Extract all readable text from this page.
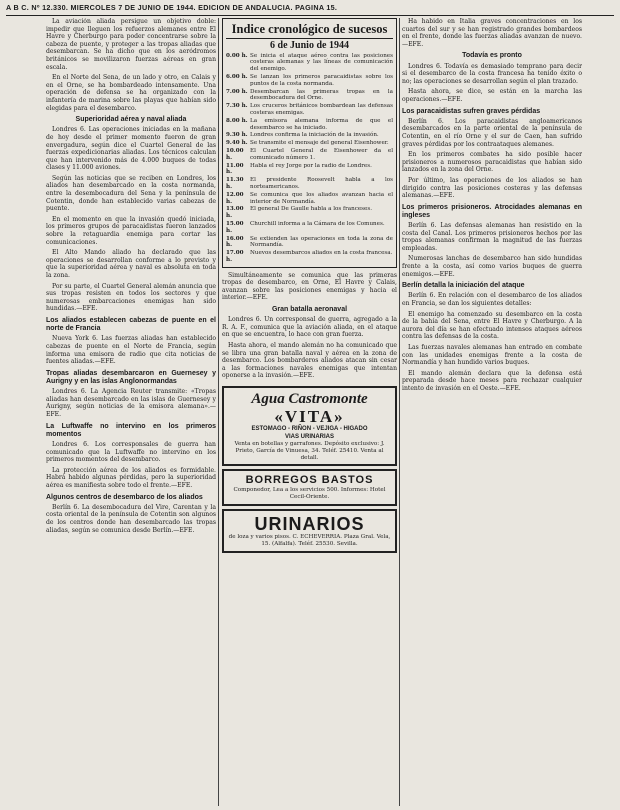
A B C. Nº 12.330. MIERCOLES 7 DE JUNIO DE 1944. EDICION DE ANDALUCIA. PAGINA 15.

La aviación aliada persigue un objetivo doble: impedir que lleguen los refuerzos alemanes entre El Havre y Cherburgo para poder concentrarse sobre la cabeza de puente, y proteger a las tropas aliadas que desembarcan. Se ha dicho que en los aeródromos británicos se movilizaron fuerzas aéreas en gran escala.

En el Norte del Sena, de un lado y otro, en Calais y en el Orne, se ha bombardeado intensamente. Una operación de defensa se ha organizado con la infantería de marina sobre las playas que habían sido elegidas para el desembarco.

Superioridad aérea y naval aliada

Londres 6. Las operaciones iniciadas en la mañana de hoy desde el primer momento fueron de gran envergadura, según dice el Cuartel General de las fuerzas expedicionarias aliadas. Los técnicos calculan que han intervenido más de 4.000 buques de todas clases y 11.000 aviones.

Según las noticias que se reciben en Londres, los aliados han desembarcado en la costa normanda, entre la desembocadura del Sena y la península de Cotentin, donde han establecido varias cabezas de puente.

En el momento en que la invasión quedó iniciada, los primeros grupos de paracaidistas fueron lanzados sobre la retaguardia enemiga para cortar las comunicaciones.

El Alto Mando aliado ha declarado que las operaciones se desarrollan conforme a lo previsto y que la superioridad aérea y naval es absoluta en toda la zona.

Por su parte, el Cuartel General alemán anuncia que sus tropas resisten en todos los sectores y que numerosas embarcaciones enemigas han sido hundidas.—EFE.

Los aliados establecen cabezas de puente en el norte de Francia

Nueva York 6. Las fuerzas aliadas han establecido cabezas de puente en el Norte de Francia, según informa una emisora de radio que cita noticias de fuentes aliadas.—EFE.

Tropas aliadas desembarcaron en Guernesey y Aurigny y en las islas Anglonormandas

Londres 6. La Agencia Reuter transmite: «Tropas aliadas han desembarcado en las islas de Guernesey y Aurigny, según noticias de la emisora alemana».—EFE.

La Luftwaffe no intervino en los primeros momentos

Londres 6. Los corresponsales de guerra han comunicado que la Luftwaffe no intervino en los primeros momentos del desembarco.

La protección aérea de los aliados es formidable. Habrá habido algunas pérdidas, pero la superioridad aérea es manifiesta sobre todo el frente.—EFE.

Algunos centros de desembarco de los aliados

Berlín 6. La desembocadura del Vire, Carentan y la costa oriental de la península de Cotentin son algunos de los centros donde han desembarcado las tropas aliadas, según se comunica desde Berlín.—EFE.

Indice cronológico de sucesos
6 de Junio de 1944
0.00 h. Se inicia el ataque aéreo contra las posiciones costeras alemanas y las líneas de comunicación del enemigo.
6.00 h. Se lanzan los primeros paracaidistas sobre los puntos de la costa normanda.
7.00 h. Desembarcan las primeras tropas en la desembocadura del Orne.
7.30 h. Los cruceros británicos bombardean las defensas costeras enemigas.
8.00 h. La emisora alemana informa de que el desembarco se ha iniciado.
9.30 h. Londres confirma la iniciación de la invasión.
9.40 h. Se transmite el mensaje del general Eisenhower.
10.00 h.
El Cuartel General de Eisenhower da el comunicado número 1.
11.00 h.
Habla el rey Jorge por la radio de Londres.
11.30 h.
El presidente Roosevelt habla a los norteamericanos.
12.00 h.
Se comunica que los aliados avanzan hacia el interior de Normandía.
13.00 h.
El general De Gaulle habla a los franceses.
15.00 h.
Churchill informa a la Cámara de los Comunes.
16.00 h.
Se extienden las operaciones en toda la zona de Normandía.
17.00 h.
Nuevos desembarcos aliados en la costa francesa.

Simultáneamente se comunica que las primeras tropas de desembarco, en Orne, El Havre y Calais, avanzan sobre las posiciones enemigas y hacia el interior.—EFE.

Gran batalla aeronaval

Londres 6. Un corresponsal de guerra, agregado a la R. A. F., comunica que la aviación aliada, en el ataque en que se encuentra, lo hace con gran fuerza.

Hasta ahora, el mando alemán no ha comunicado que se libra una gran batalla naval y aérea en la zona de desembarco. Los bombarderos aliados atacan sin cesar a las formaciones navales enemigas que intentan oponerse a la invasión.—EFE.

Agua Castromonte
«VITA»
ESTOMAGO - RIÑON - VEJIGA - HIGADO
VIAS URINARIAS
Venta en botellas y garrafones. Depósito exclusivo: J. Prieto, García de Vinuesa, 34. Teléf. 25410. Venta al detall.
BORREGOS BASTOS
Componedor, Lea a los servicios 500. Informes: Hotel Cecil-Oriente.
URINARIOS
de loza y varios pisos. C. ECHEVERRIA. Plaza Gral. Vela, 15. (Alfalfa). Teléf. 25530. Sevilla.

Ha habido en Italia graves concentraciones en los cuartos del sur y se han registrado grandes bombardeos en el frente, donde las fuerzas aliadas avanzan de nuevo.—EFE.

Todavía es pronto

Londres 6. Todavía es demasiado temprano para decir si el desembarco de la costa francesa ha tenido éxito o no; las operaciones se desarrollan según el plan trazado.

Hasta ahora, se dice, se están en la marcha las operaciones.—EFE.

Los paracaidistas sufren graves pérdidas

Berlín 6. Los paracaidistas angloamericanos desembarcados en la parte oriental de la península de Cotentin, en el río Orne y el sur de Caen, han sufrido graves pérdidas por los contraataques alemanes.

En los primeros combates ha sido posible hacer prisioneros a numerosos paracaidistas que habían sido lanzados en la zona del Orne.

Por último, las operaciones de los aliados se han dirigido contra las posiciones costeras y las defensas alemanas.—EFE.

Los primeros prisioneros. Atrocidades alemanas en ingleses

Berlín 6. Las defensas alemanas han resistido en la costa del Canal. Los primeros prisioneros hechos por las tropas alemanas confirman la magnitud de las fuerzas empleadas.

Numerosas lanchas de desembarco han sido hundidas frente a la costa, así como varios buques de guerra enemigos.—EFE.

Berlín detalla la iniciación del ataque

Berlín 6. En relación con el desembarco de los aliados en Francia, se dan los siguientes detalles:

El enemigo ha comenzado su desembarco en la costa de la bahía del Sena, entre El Havre y Cherburgo. A la aurora del día se han efectuado intensos ataques aéreos contra las defensas de la costa.

Las fuerzas navales alemanas han entrado en combate con las unidades enemigas frente a la costa de Normandía y han hundido varios buques.

El mando alemán declara que la defensa está preparada desde hace meses para rechazar cualquier intento de invasión en el Oeste.—EFE.
